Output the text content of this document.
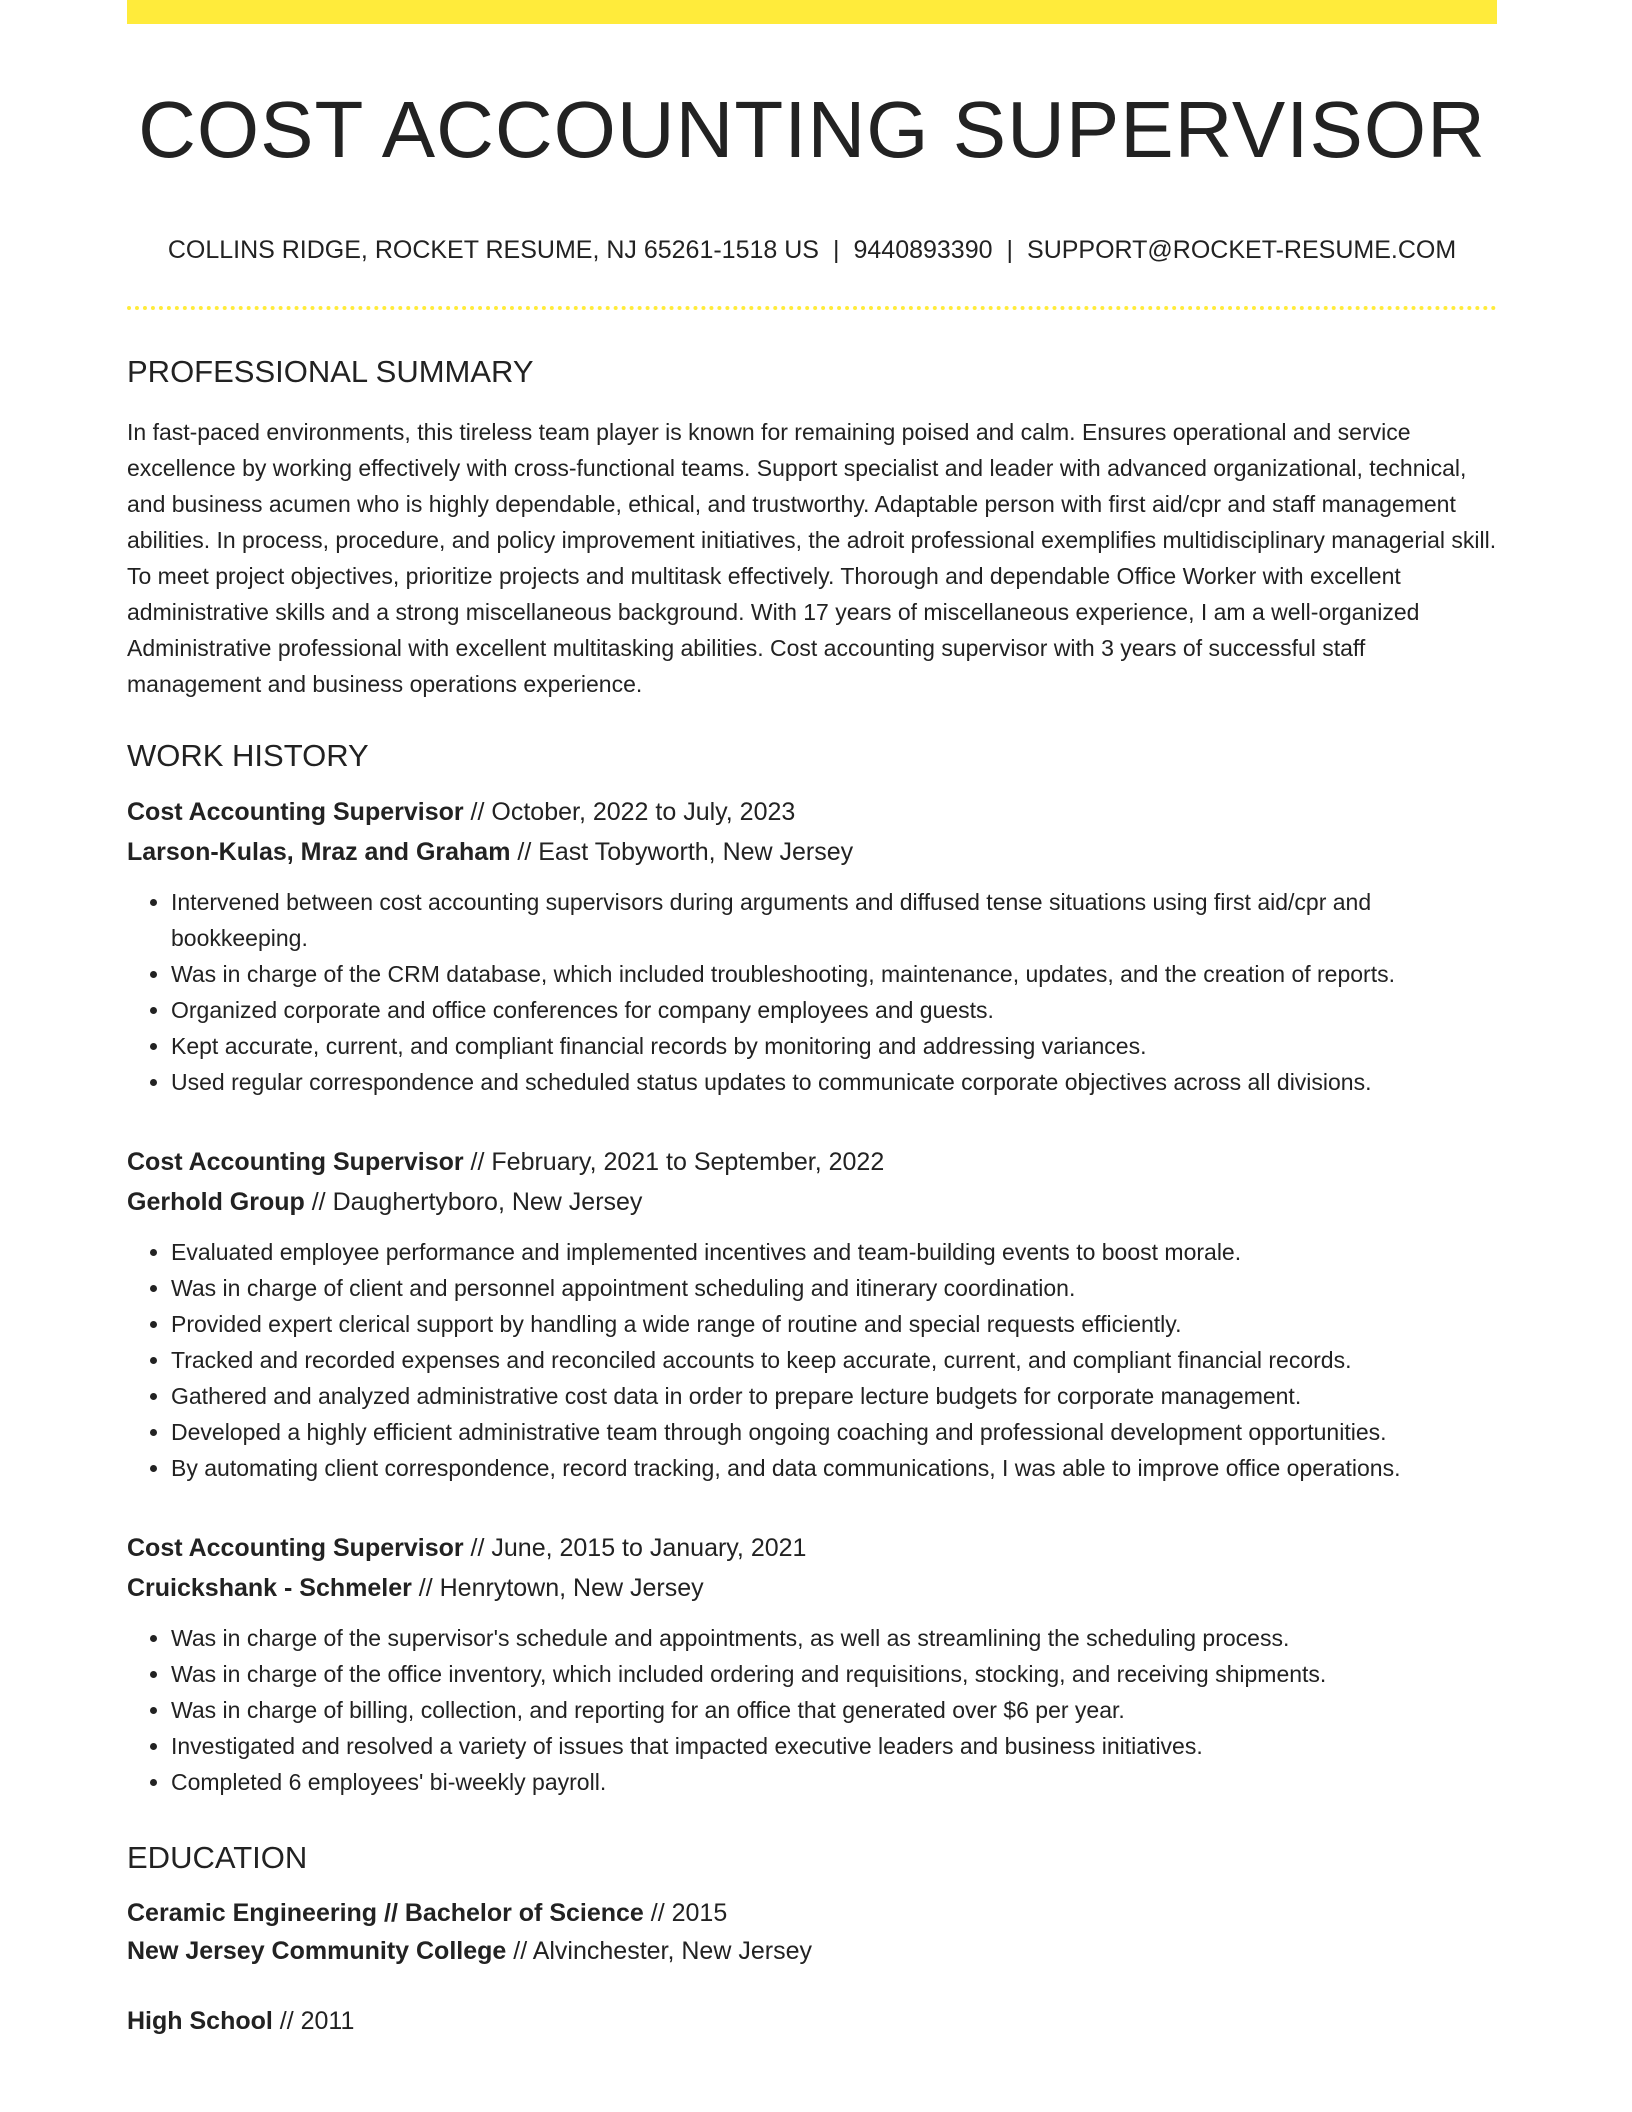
COST ACCOUNTING SUPERVISOR
COLLINS RIDGE, ROCKET RESUME, NJ 65261-1518 US | 9440893390 | SUPPORT@ROCKET-RESUME.COM
PROFESSIONAL SUMMARY

In fast-paced environments, this tireless team player is known for remaining poised and calm. Ensures operational and service excellence by working effectively with cross-functional teams. Support specialist and leader with advanced organizational, technical, and business acumen who is highly dependable, ethical, and trustworthy. Adaptable person with first aid/cpr and staff management abilities. In process, procedure, and policy improvement initiatives, the adroit professional exemplifies multidisciplinary managerial skill. To meet project objectives, prioritize projects and multitask effectively. Thorough and dependable Office Worker with excellent administrative skills and a strong miscellaneous background. With 17 years of miscellaneous experience, I am a well-organized Administrative professional with excellent multitasking abilities. Cost accounting supervisor with 3 years of successful staff management and business operations experience.

WORK HISTORY
Cost Accounting Supervisor // October, 2022 to July, 2023
Larson-Kulas, Mraz and Graham // East Tobyworth, New Jersey
• Intervened between cost accounting supervisors during arguments and diffused tense situations using first aid/cpr and bookkeeping.
• Was in charge of the CRM database, which included troubleshooting, maintenance, updates, and the creation of reports.
• Organized corporate and office conferences for company employees and guests.
• Kept accurate, current, and compliant financial records by monitoring and addressing variances.
• Used regular correspondence and scheduled status updates to communicate corporate objectives across all divisions.
Cost Accounting Supervisor // February, 2021 to September, 2022
Gerhold Group // Daughertyboro, New Jersey
• Evaluated employee performance and implemented incentives and team-building events to boost morale.
• Was in charge of client and personnel appointment scheduling and itinerary coordination.
• Provided expert clerical support by handling a wide range of routine and special requests efficiently.
• Tracked and recorded expenses and reconciled accounts to keep accurate, current, and compliant financial records.
• Gathered and analyzed administrative cost data in order to prepare lecture budgets for corporate management.
• Developed a highly efficient administrative team through ongoing coaching and professional development opportunities.
• By automating client correspondence, record tracking, and data communications, I was able to improve office operations.
Cost Accounting Supervisor // June, 2015 to January, 2021
Cruickshank - Schmeler // Henrytown, New Jersey
• Was in charge of the supervisor's schedule and appointments, as well as streamlining the scheduling process.
• Was in charge of the office inventory, which included ordering and requisitions, stocking, and receiving shipments.
• Was in charge of billing, collection, and reporting for an office that generated over $6 per year.
• Investigated and resolved a variety of issues that impacted executive leaders and business initiatives.
• Completed 6 employees' bi-weekly payroll.
EDUCATION
Ceramic Engineering // Bachelor of Science // 2015
New Jersey Community College // Alvinchester, New Jersey
High School // 2011
